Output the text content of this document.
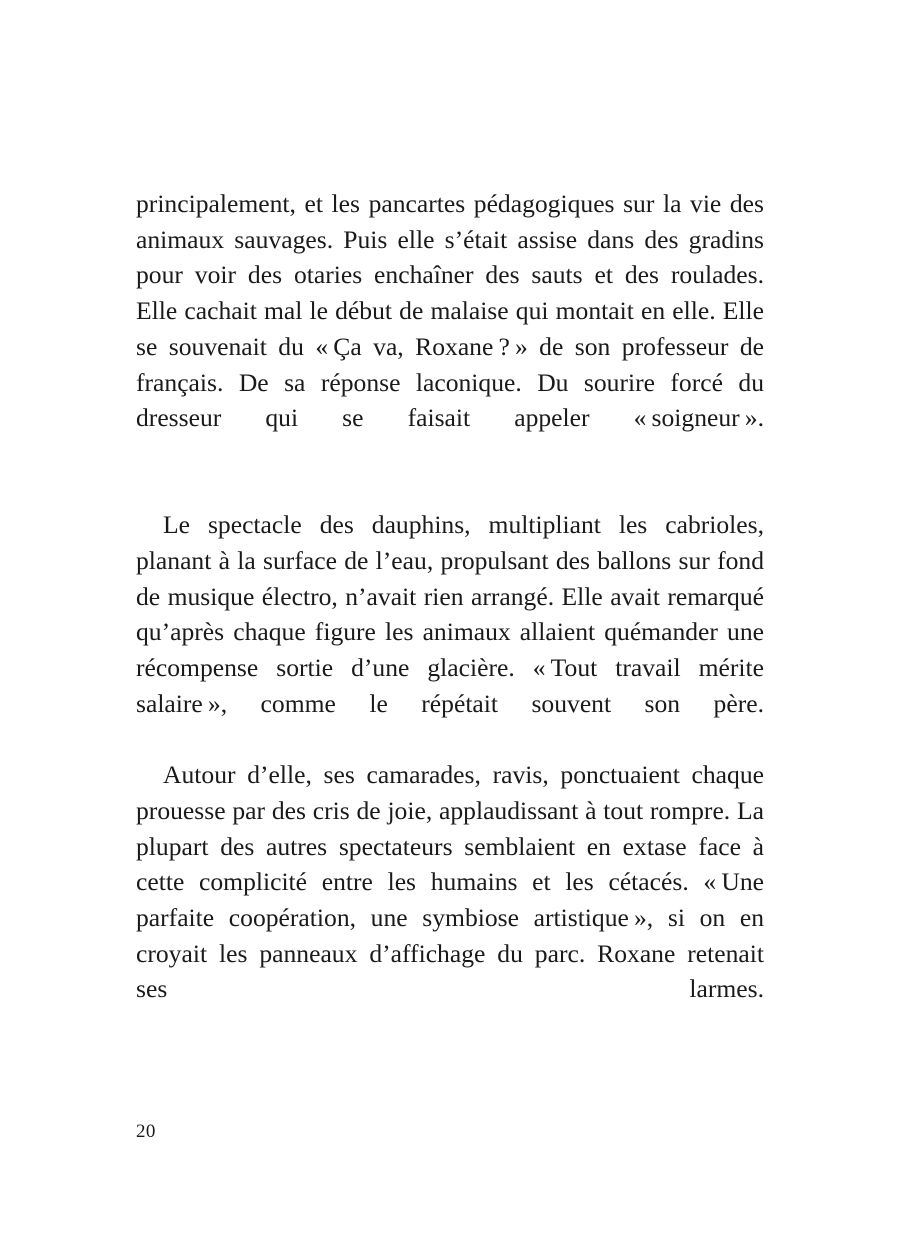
principalement, et les pancartes pédagogiques sur la vie des animaux sauvages. Puis elle s’était assise dans des gradins pour voir des otaries enchaîner des sauts et des roulades. Elle cachait mal le début de malaise qui montait en elle. Elle se souvenait du « Ça va, Roxane ? » de son professeur de français. De sa réponse laconique. Du sourire forcé du dresseur qui se faisait appeler « soigneur ».

Le spectacle des dauphins, multipliant les cabrioles, planant à la surface de l’eau, propulsant des ballons sur fond de musique électro, n’avait rien arrangé. Elle avait remarqué qu’après chaque figure les animaux allaient quémander une récompense sortie d’une glacière. « Tout travail mérite salaire », comme le répétait souvent son père.

Autour d’elle, ses camarades, ravis, ponctuaient chaque prouesse par des cris de joie, applaudissant à tout rompre. La plupart des autres spectateurs semblaient en extase face à cette complicité entre les humains et les cétacés. « Une parfaite coopération, une symbiose artistique », si on en croyait les panneaux d’affichage du parc. Roxane retenait ses larmes.

20
